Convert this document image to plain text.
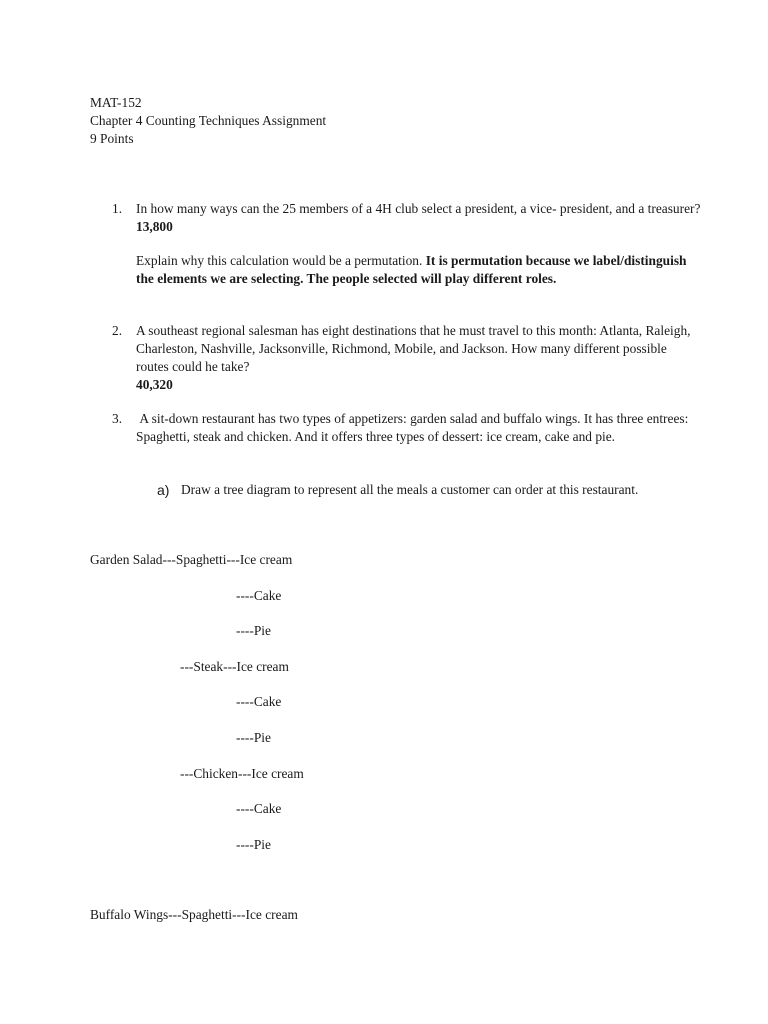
MAT-152
Chapter 4 Counting Techniques Assignment
9 Points
1. In how many ways can the 25 members of a 4H club select a president, a vice- president, and a treasurer? 13,800

Explain why this calculation would be a permutation. It is permutation because we label/distinguish the elements we are selecting. The people selected will play different roles.

2. A southeast regional salesman has eight destinations that he must travel to this month: Atlanta, Raleigh, Charleston, Nashville, Jacksonville, Richmond, Mobile, and Jackson. How many different possible routes could he take?

40,320

3. A sit-down restaurant has two types of appetizers: garden salad and buffalo wings. It has three entrees: Spaghetti, steak and chicken. And it offers three types of dessert: ice cream, cake and pie.

a) Draw a tree diagram to represent all the meals a customer can order at this restaurant.
Garden Salad---Spaghetti---Ice cream
----Cake
----Pie
---Steak---Ice cream
----Cake
----Pie
---Chicken---Ice cream
----Cake
----Pie
Buffalo Wings---Spaghetti---Ice cream
